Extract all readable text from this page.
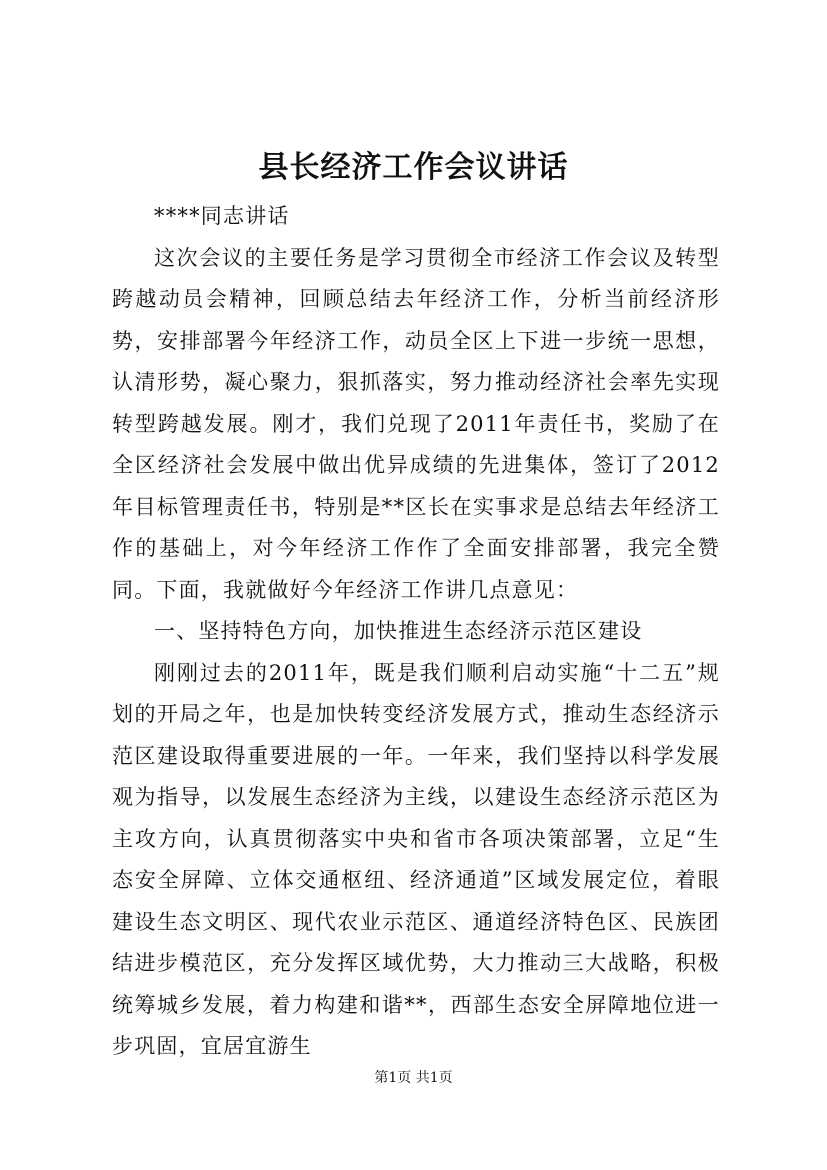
县长经济工作会议讲话

****同志讲话

这次会议的主要任务是学习贯彻全市经济工作会议及转型跨越动员会精神，回顾总结去年经济工作，分析当前经济形势，安排部署今年经济工作，动员全区上下进一步统一思想，认清形势，凝心聚力，狠抓落实，努力推动经济社会率先实现转型跨越发展。刚才，我们兑现了2011年责任书，奖励了在全区经济社会发展中做出优异成绩的先进集体，签订了2012年目标管理责任书，特别是**区长在实事求是总结去年经济工作的基础上，对今年经济工作作了全面安排部署，我完全赞同。下面，我就做好今年经济工作讲几点意见：

一、坚持特色方向，加快推进生态经济示范区建设

刚刚过去的2011年，既是我们顺利启动实施“十二五”规划的开局之年，也是加快转变经济发展方式，推动生态经济示范区建设取得重要进展的一年。一年来，我们坚持以科学发展观为指导，以发展生态经济为主线，以建设生态经济示范区为主攻方向，认真贯彻落实中央和省市各项决策部署，立足“生态安全屏障、立体交通枢纽、经济通道”区域发展定位，着眼建设生态文明区、现代农业示范区、通道经济特色区、民族团结进步模范区，充分发挥区域优势，大力推动三大战略，积极统筹城乡发展，着力构建和谐**，西部生态安全屏障地位进一步巩固，宜居宜游生

第1页 共1页
